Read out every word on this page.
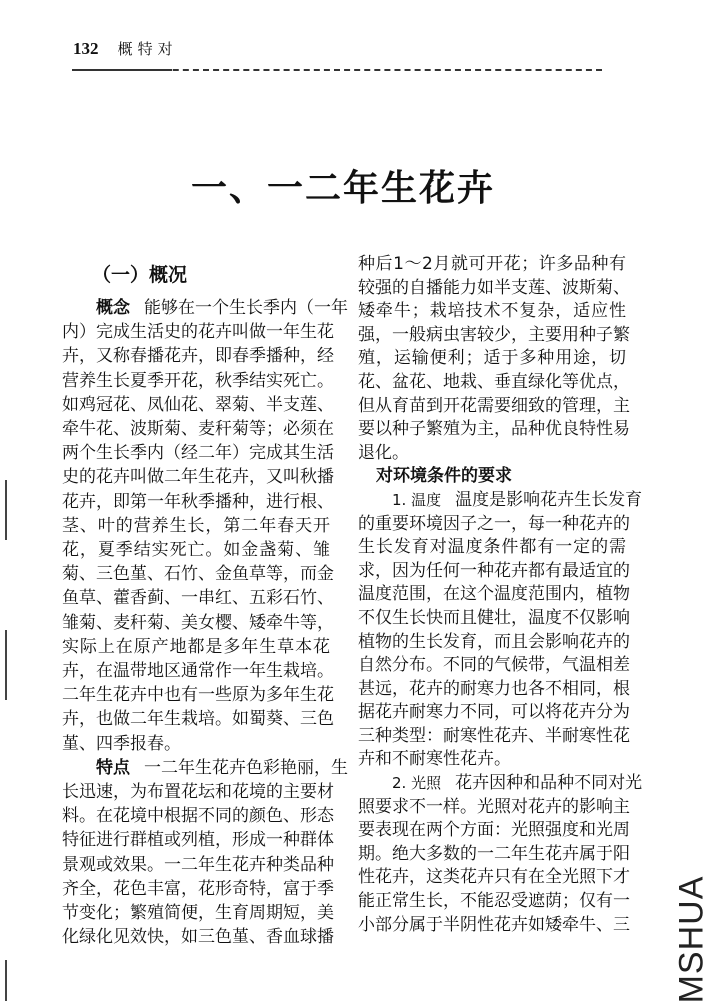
132 概特对
一、一二年生花卉
（一）概况
概念 能够在一个生长季内（一年
内）完成生活史的花卉叫做一年生花
卉，又称春播花卉，即春季播种，经
营养生长夏季开花，秋季结实死亡。
如鸡冠花、凤仙花、翠菊、半支莲、
牵牛花、波斯菊、麦秆菊等；必须在
两个生长季内（经二年）完成其生活
史的花卉叫做二年生花卉，又叫秋播
花卉，即第一年秋季播种，进行根、
茎、叶的营养生长，第二年春天开
花，夏季结实死亡。如金盏菊、雏
菊、三色堇、石竹、金鱼草等，而金
鱼草、藿香蓟、一串红、五彩石竹、
雏菊、麦秆菊、美女樱、矮牵牛等，
实际上在原产地都是多年生草本花
卉，在温带地区通常作一年生栽培。
二年生花卉中也有一些原为多年生花
卉，也做二年生栽培。如蜀葵、三色
堇、四季报春。
特点 一二年生花卉色彩艳丽，生
长迅速，为布置花坛和花境的主要材
料。在花境中根据不同的颜色、形态
特征进行群植或列植，形成一种群体
景观或效果。一二年生花卉种类品种
齐全，花色丰富，花形奇特，富于季
节变化；繁殖简便，生育周期短，美
化绿化见效快，如三色堇、香血球播
种后1～2月就可开花；许多品种有
较强的自播能力如半支莲、波斯菊、
矮牵牛；栽培技术不复杂，适应性
强，一般病虫害较少，主要用种子繁
殖，运输便利；适于多种用途，切
花、盆花、地栽、垂直绿化等优点，
但从育苗到开花需要细致的管理，主
要以种子繁殖为主，品种优良特性易
退化。
对环境条件的要求
1. 温度 温度是影响花卉生长发育
的重要环境因子之一，每一种花卉的
生长发育对温度条件都有一定的需
求，因为任何一种花卉都有最适宜的
温度范围，在这个温度范围内，植物
不仅生长快而且健壮，温度不仅影响
植物的生长发育，而且会影响花卉的
自然分布。不同的气候带，气温相差
甚远，花卉的耐寒力也各不相同，根
据花卉耐寒力不同，可以将花卉分为
三种类型：耐寒性花卉、半耐寒性花
卉和不耐寒性花卉。
2. 光照 花卉因种和品种不同对光
照要求不一样。光照对花卉的影响主
要表现在两个方面：光照强度和光周
期。绝大多数的一二年生花卉属于阳
性花卉，这类花卉只有在全光照下才
能正常生长，不能忍受遮荫；仅有一
小部分属于半阴性花卉如矮牵牛、三 MSHUA
